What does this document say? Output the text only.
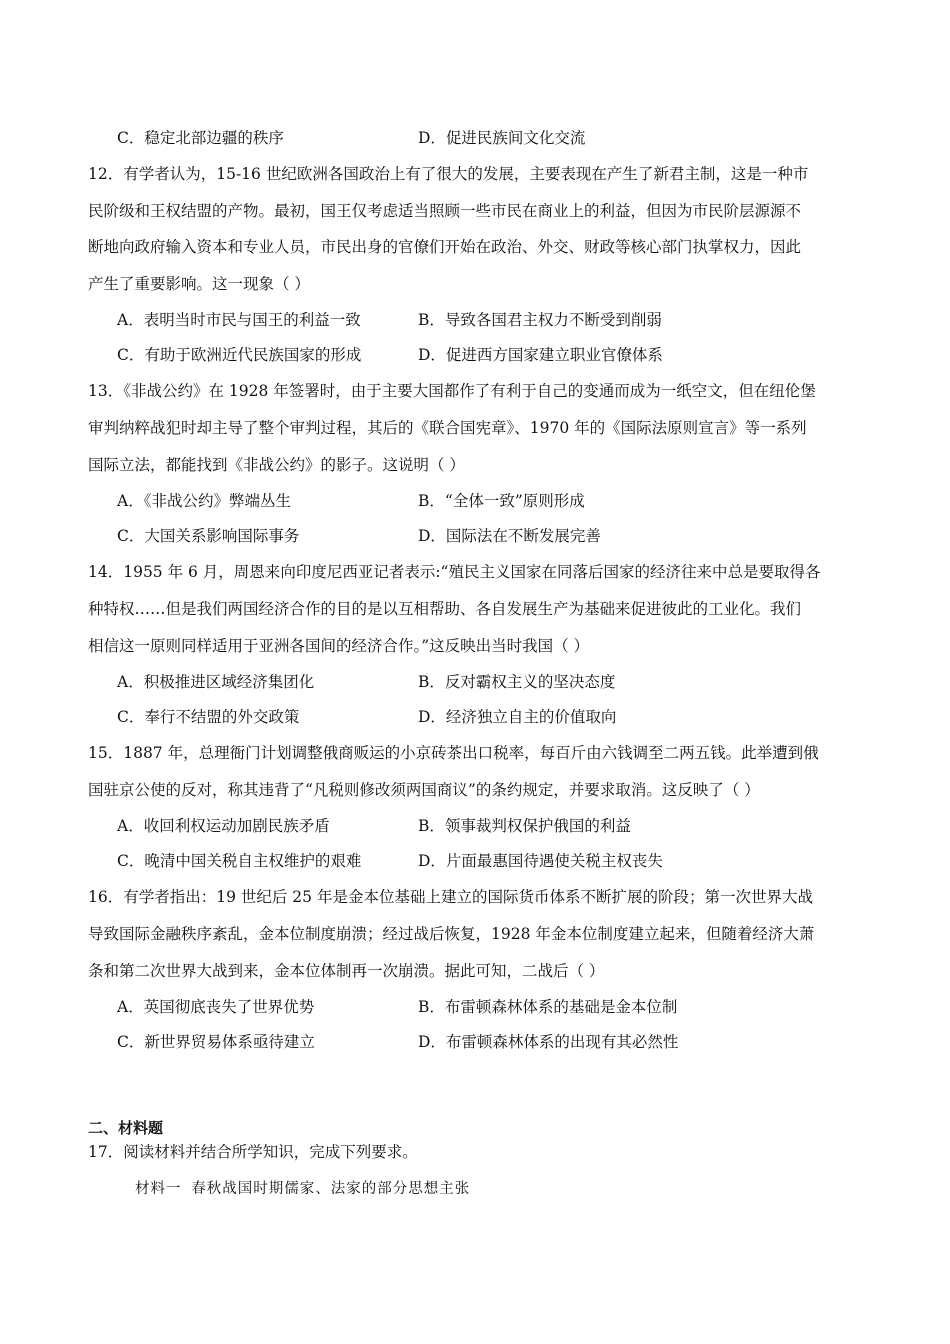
C．稳定北部边疆的秩序	D．促进民族间文化交流
12．有学者认为，15-16 世纪欧洲各国政治上有了很大的发展，主要表现在产生了新君主制，这是一种市
民阶级和王权结盟的产物。最初，国王仅考虑适当照顾一些市民在商业上的利益，但因为市民阶层源源不
断地向政府输入资本和专业人员，市民出身的官僚们开始在政治、外交、财政等核心部门执掌权力，因此
产生了重要影响。这一现象（ ）
A．表明当时市民与国王的利益一致	B．导致各国君主权力不断受到削弱
C．有助于欧洲近代民族国家的形成	D．促进西方国家建立职业官僚体系
13．《非战公约》在 1928 年签署时，由于主要大国都作了有利于自己的变通而成为一纸空文，但在纽伦堡
审判纳粹战犯时却主导了整个审判过程，其后的《联合国宪章》、1970 年的《国际法原则宣言》等一系列
国际立法，都能找到《非战公约》的影子。这说明（ ）
A．《非战公约》弊端丛生	B．“全体一致”原则形成
C．大国关系影响国际事务	D．国际法在不断发展完善
14．1955 年 6 月，周恩来向印度尼西亚记者表示:“殖民主义国家在同落后国家的经济往来中总是要取得各
种特权……但是我们两国经济合作的目的是以互相帮助、各自发展生产为基础来促进彼此的工业化。我们
相信这一原则同样适用于亚洲各国间的经济合作。”这反映出当时我国（ ）
A．积极推进区域经济集团化	B．反对霸权主义的坚决态度
C．奉行不结盟的外交政策	D．经济独立自主的价值取向
15．1887 年，总理衙门计划调整俄商贩运的小京砖茶出口税率，每百斤由六钱调至二两五钱。此举遭到俄
国驻京公使的反对，称其违背了“凡税则修改须两国商议”的条约规定，并要求取消。这反映了（ ）
A．收回利权运动加剧民族矛盾	B．领事裁判权保护俄国的利益
C．晚清中国关税自主权维护的艰难	D．片面最惠国待遇使关税主权丧失
16．有学者指出：19 世纪后 25 年是金本位基础上建立的国际货币体系不断扩展的阶段；第一次世界大战
导致国际金融秩序紊乱，金本位制度崩溃；经过战后恢复，1928 年金本位制度建立起来，但随着经济大萧
条和第二次世界大战到来，金本位体制再一次崩溃。据此可知，二战后（ ）
A．英国彻底丧失了世界优势	B．布雷顿森林体系的基础是金本位制
C．新世界贸易体系亟待建立	D．布雷顿森林体系的出现有其必然性
二、材料题
17．阅读材料并结合所学知识，完成下列要求。
材料一 春秋战国时期儒家、法家的部分思想主张
